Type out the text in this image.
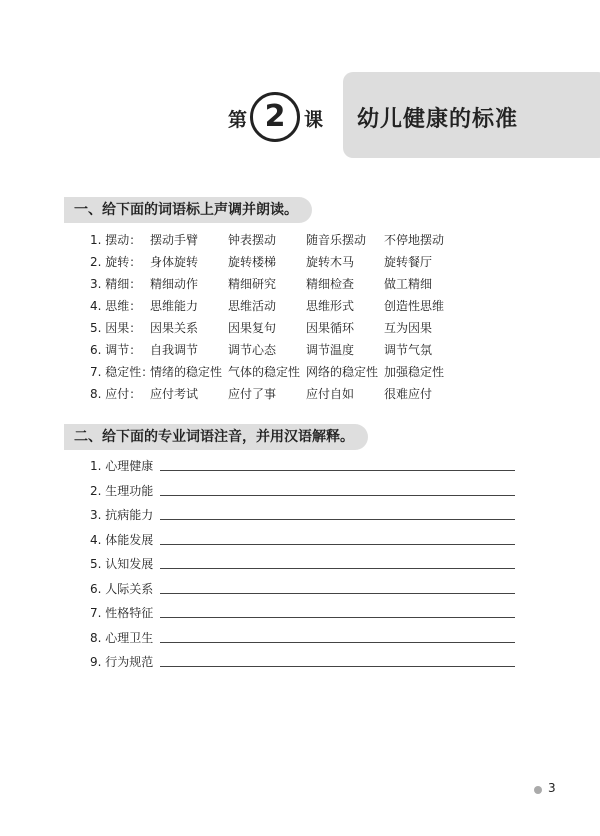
第 2 课 幼儿健康的标准
一、给下面的词语标上声调并朗读。
1. 摆动： 摆动手臂 钟表摆动 随音乐摆动 不停地摆动
2. 旋转： 身体旋转 旋转楼梯 旋转木马 旋转餐厅
3. 精细： 精细动作 精细研究 精细检查 做工精细
4. 思维： 思维能力 思维活动 思维形式 创造性思维
5. 因果： 因果关系 因果复句 因果循环 互为因果
6. 调节： 自我调节 调节心态 调节温度 调节气氛
7. 稳定性：
情绪的稳定性 气体的稳定性 网络的稳定性 加强稳定性
8. 应付： 应付考试 应付了事 应付自如 很难应付
二、给下面的专业词语注音，并用汉语解释。
1. 心理健康
2. 生理功能
3. 抗病能力
4. 体能发展
5. 认知发展
6. 人际关系
7. 性格特征
8. 心理卫生
9. 行为规范
3
